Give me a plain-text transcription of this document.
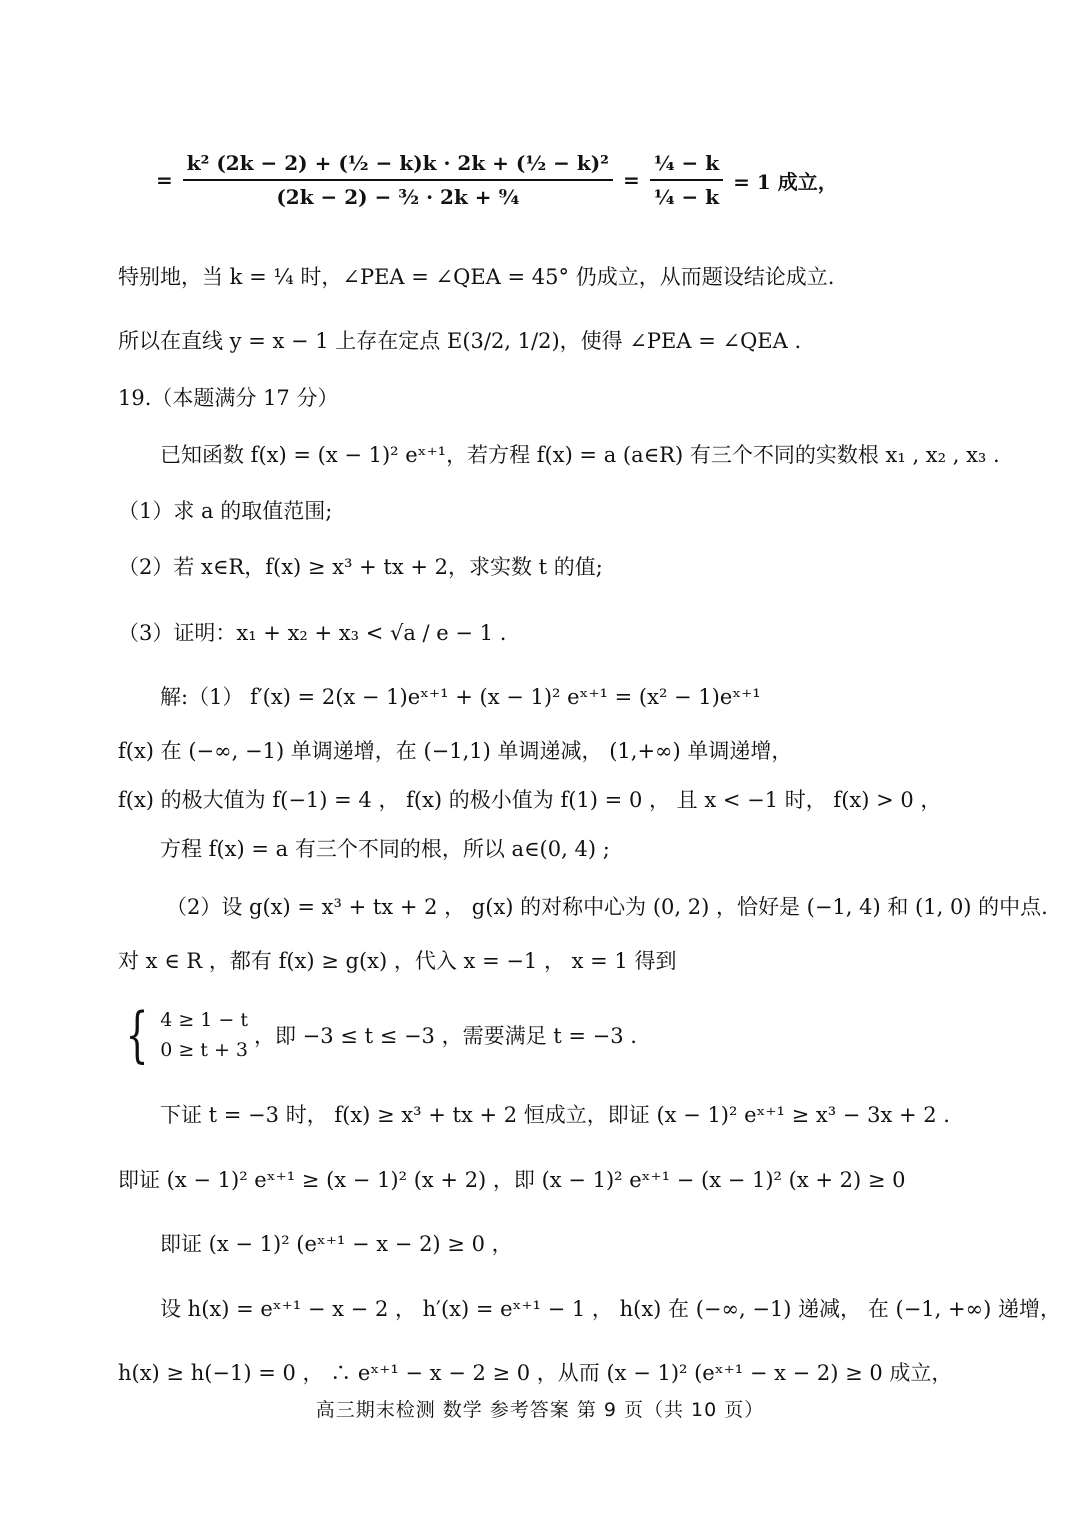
= $\frac{\text{k² (2k − 2) + (½ − k)k · 2k + (½ − k)²}}{\text{(2k − 2) − ³⁄₂ · 2k + ⁹⁄₄}} = \frac{\text{¼ − k}}{\text{¼ − k}} = 1$ 成立，
特别地，当 k = ¼ 时，∠PEA = ∠QEA = 45° 仍成立，从而题设结论成立.
所以在直线 y = x − 1 上存在定点 E(3/2, 1/2)，使得 ∠PEA = ∠QEA .
19.（本题满分 17 分）
已知函数 f(x) = (x − 1)² eˣ⁺¹，若方程 f(x) = a (a∈R) 有三个不同的实数根 x₁ , x₂ , x₃ .
（1）求 a 的取值范围;
（2）若 x∈R，f(x) ≥ x³ + tx + 2，求实数 t 的值;
（3）证明：x₁ + x₂ + x₃ < √a / e − 1 .
解:（1） f′(x) = 2(x − 1)eˣ⁺¹ + (x − 1)² eˣ⁺¹ = (x² − 1)eˣ⁺¹
f(x) 在 (−∞, −1) 单调递增，在 (−1,1) 单调递减， (1,+∞) 单调递增，
f(x) 的极大值为 f(−1) = 4 ， f(x) 的极小值为 f(1) = 0 ， 且 x < −1 时， f(x) > 0 ，
方程 f(x) = a 有三个不同的根，所以 a∈(0, 4) ;
（2）设 g(x) = x³ + tx + 2 ， g(x) 的对称中心为 (0, 2) ，恰好是 (−1, 4) 和 (1, 0) 的中点.
对 x ∈ R ，都有 f(x) ≥ g(x) ，代入 x = −1 ， x = 1 得到
{ 4 ≥ 1 − t
0 ≥ t + 3
，即 −3 ≤ t ≤ −3 ，需要满足 t = −3 .
下证 t = −3 时， f(x) ≥ x³ + tx + 2 恒成立，即证 (x − 1)² eˣ⁺¹ ≥ x³ − 3x + 2 .
即证 (x − 1)² eˣ⁺¹ ≥ (x − 1)² (x + 2) ，即 (x − 1)² eˣ⁺¹ − (x − 1)² (x + 2) ≥ 0
即证 (x − 1)² (eˣ⁺¹ − x − 2) ≥ 0 ，
设 h(x) = eˣ⁺¹ − x − 2 ， h′(x) = eˣ⁺¹ − 1 ， h(x) 在 (−∞, −1) 递减， 在 (−1, +∞) 递增，
h(x) ≥ h(−1) = 0 ， ∴ eˣ⁺¹ − x − 2 ≥ 0 ，从而 (x − 1)² (eˣ⁺¹ − x − 2) ≥ 0 成立，
高三期末检测 数学 参考答案 第 9 页（共 10 页）
